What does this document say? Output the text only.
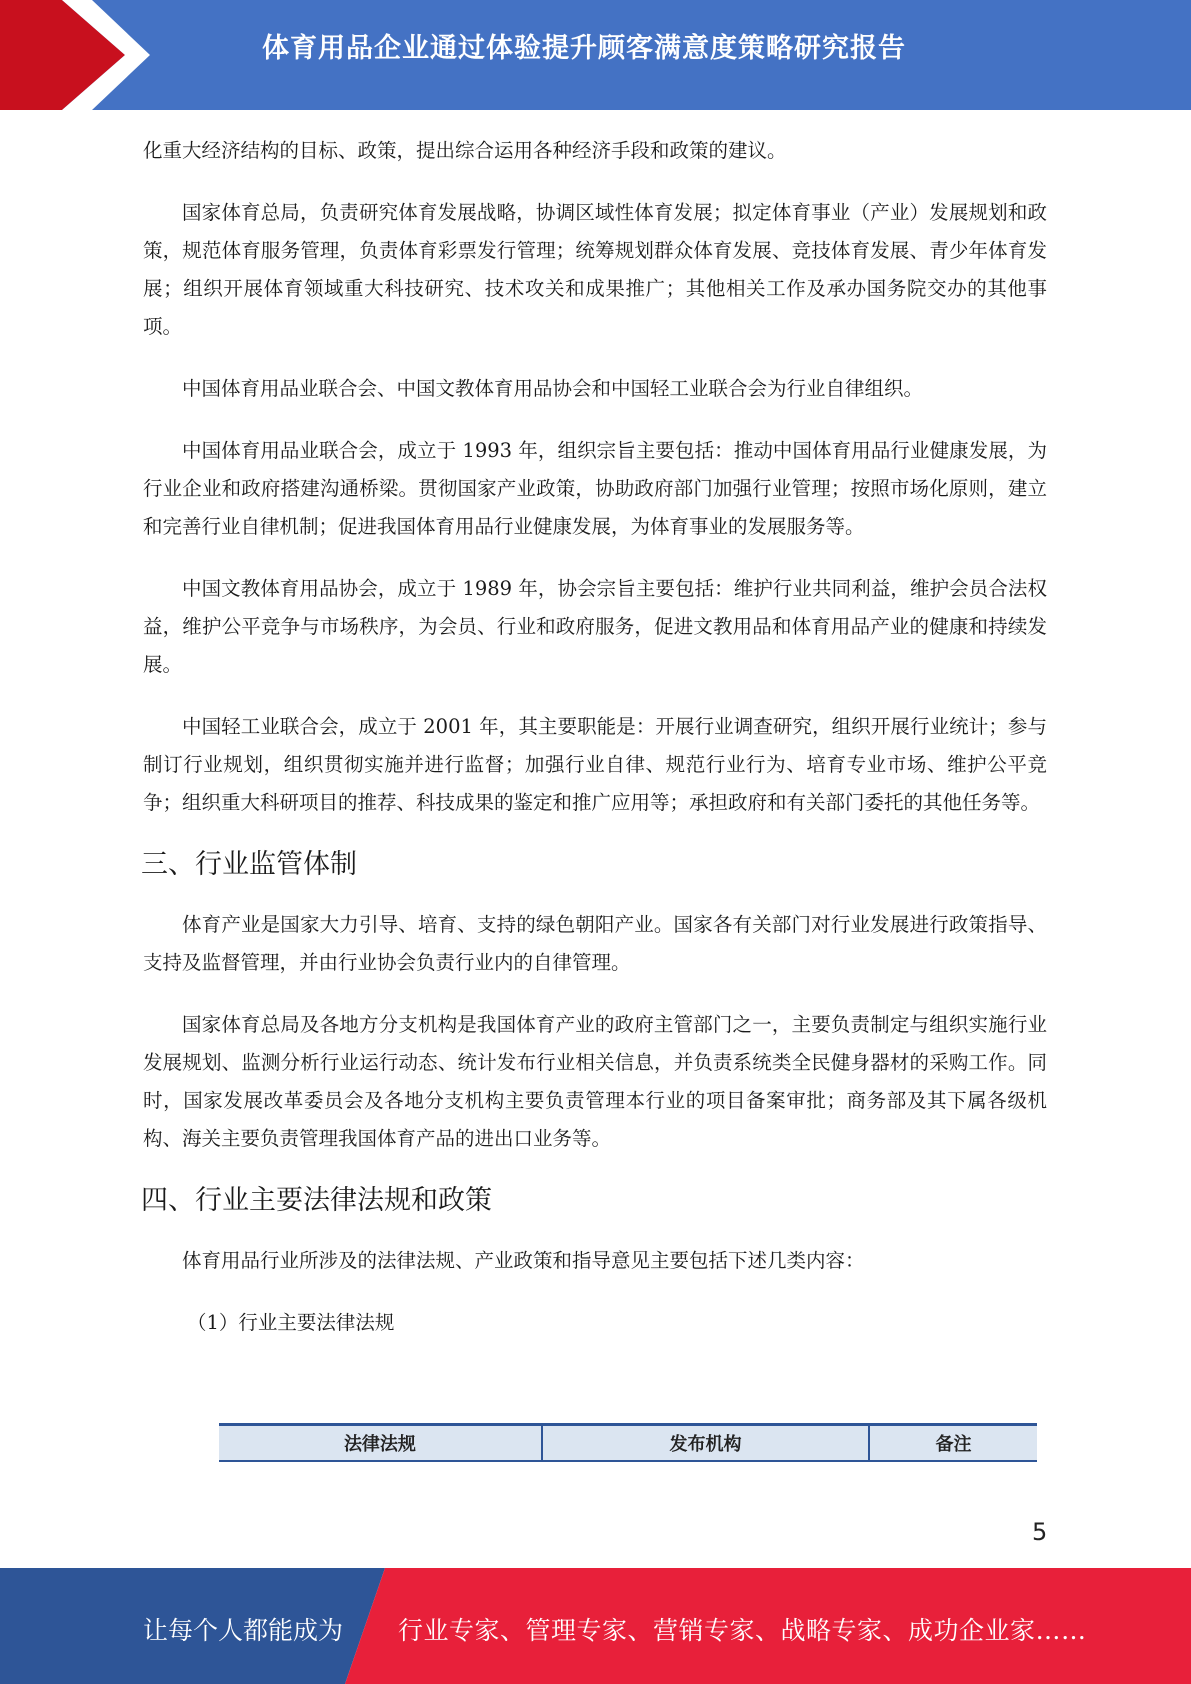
体育用品企业通过体验提升顾客满意度策略研究报告

化重大经济结构的目标、政策，提出综合运用各种经济手段和政策的建议。

国家体育总局，负责研究体育发展战略，协调区域性体育发展；拟定体育事业（产业）发展规划和政策，规范体育服务管理，负责体育彩票发行管理；统筹规划群众体育发展、竞技体育发展、青少年体育发展；组织开展体育领域重大科技研究、技术攻关和成果推广；其他相关工作及承办国务院交办的其他事项。

中国体育用品业联合会、中国文教体育用品协会和中国轻工业联合会为行业自律组织。

中国体育用品业联合会，成立于 1993 年，组织宗旨主要包括：推动中国体育用品行业健康发展，为行业企业和政府搭建沟通桥梁。贯彻国家产业政策，协助政府部门加强行业管理；按照市场化原则，建立和完善行业自律机制；促进我国体育用品行业健康发展，为体育事业的发展服务等。

中国文教体育用品协会，成立于 1989 年，协会宗旨主要包括：维护行业共同利益，维护会员合法权益，维护公平竞争与市场秩序，为会员、行业和政府服务，促进文教用品和体育用品产业的健康和持续发展。

中国轻工业联合会，成立于 2001 年，其主要职能是：开展行业调查研究，组织开展行业统计；参与制订行业规划，组织贯彻实施并进行监督；加强行业自律、规范行业行为、培育专业市场、维护公平竞争；组织重大科研项目的推荐、科技成果的鉴定和推广应用等；承担政府和有关部门委托的其他任务等。

三、行业监管体制

体育产业是国家大力引导、培育、支持的绿色朝阳产业。国家各有关部门对行业发展进行政策指导、支持及监督管理，并由行业协会负责行业内的自律管理。

国家体育总局及各地方分支机构是我国体育产业的政府主管部门之一，主要负责制定与组织实施行业发展规划、监测分析行业运行动态、统计发布行业相关信息，并负责系统类全民健身器材的采购工作。同时，国家发展改革委员会及各地分支机构主要负责管理本行业的项目备案审批；商务部及其下属各级机构、海关主要负责管理我国体育产品的进出口业务等。

四、行业主要法律法规和政策

体育用品行业所涉及的法律法规、产业政策和指导意见主要包括下述几类内容：

（1）行业主要法律法规

法律法规	发布机构	备注
5
让每个人都能成为 行业专家、管理专家、营销专家、战略专家、成功企业家……
